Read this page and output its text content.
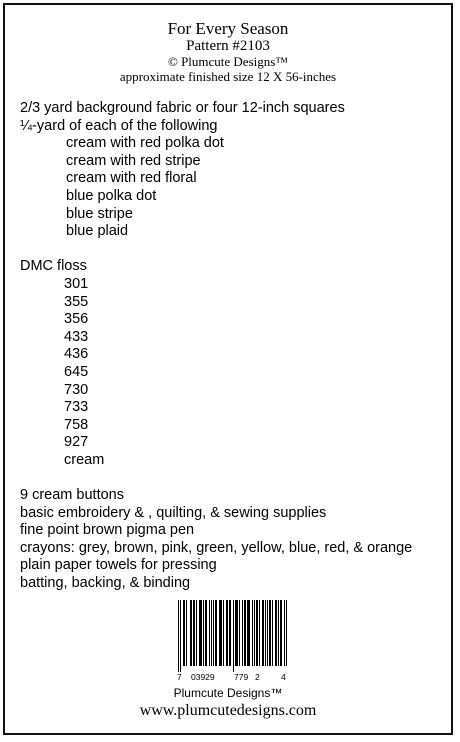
For Every Season
Pattern #2103
© Plumcute Designs™
approximate finished size 12 X 56-inches
2/3 yard background fabric or four 12-inch squares
¼-yard of each of the following
cream with red polka dot
cream with red stripe
cream with red floral
blue polka dot
blue stripe
blue plaid
DMC floss
301
355
356
433
436
645
730
733
758
927
cream
9 cream buttons
basic embroidery & , quilting, & sewing supplies
fine point brown pigma pen
crayons: grey, brown, pink, green, yellow, blue, red, & orange
plain paper towels for pressing
batting, backing, & binding
7 03929 779 2	4
Plumcute Designs™
www.plumcutedesigns.com
